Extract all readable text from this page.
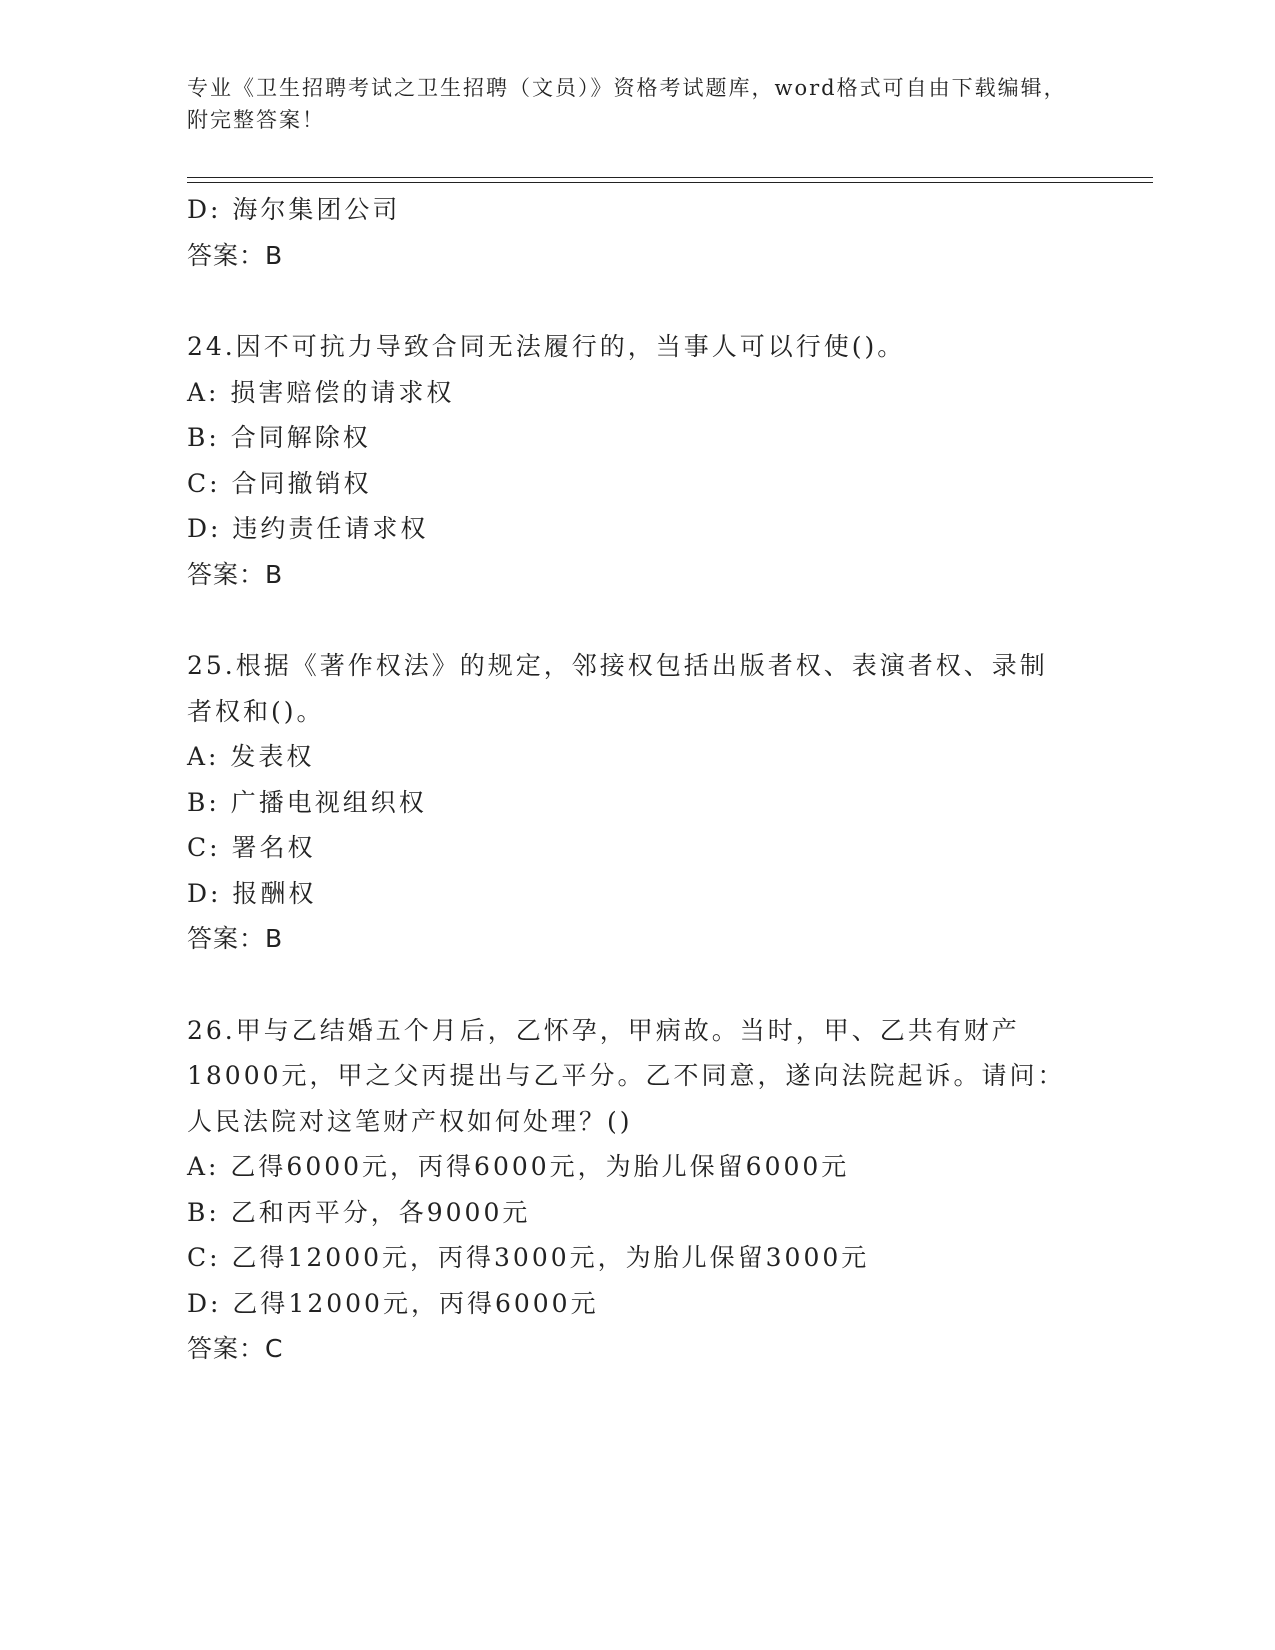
专业《卫生招聘考试之卫生招聘（文员）》资格考试题库，word格式可自由下载编辑，附完整答案！
D: 海尔集团公司
答案：B
24.因不可抗力导致合同无法履行的，当事人可以行使()。
A: 损害赔偿的请求权
B: 合同解除权
C: 合同撤销权
D: 违约责任请求权
答案：B
25.根据《著作权法》的规定，邻接权包括出版者权、表演者权、录制者权和()。
A: 发表权
B: 广播电视组织权
C: 署名权
D: 报酬权
答案：B
26.甲与乙结婚五个月后，乙怀孕，甲病故。当时，甲、乙共有财产18000元，甲之父丙提出与乙平分。乙不同意，遂向法院起诉。请问：人民法院对这笔财产权如何处理？()
A: 乙得6000元，丙得6000元，为胎儿保留6000元
B: 乙和丙平分，各9000元
C: 乙得12000元，丙得3000元，为胎儿保留3000元
D: 乙得12000元，丙得6000元
答案：C
